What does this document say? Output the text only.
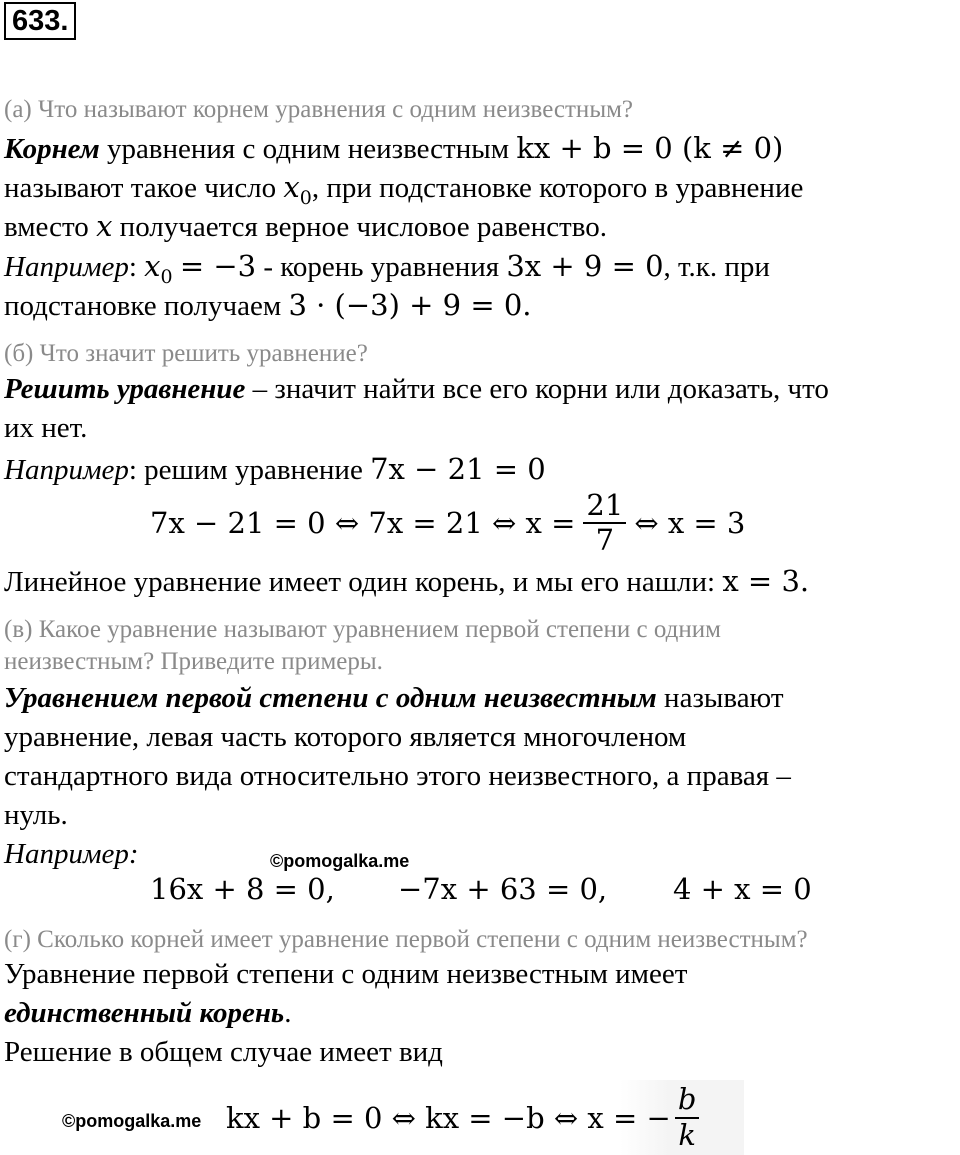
633.
(а) Что называют корнем уравнения с одним неизвестным?
Корнем уравнения с одним неизвестным kx + b = 0 (k ≠ 0)
называют такое число $x_0$, при подстановке которого в уравнение
вместо x получается верное числовое равенство.
Например: $x_0 = -3$ - корень уравнения 3x + 9 = 0, т.к. при
подстановке получаем 3 · (−3) + 9 = 0.
(б) Что значит решить уравнение?
Решить уравнение – значит найти все его корни или доказать, что
их нет.
Например: решим уравнение 7x − 21 = 0
7x − 21 = 0 ⇔ 7x = 21 ⇔ $x = \frac{21}{7}$ ⇔ x = 3
Линейное уравнение имеет один корень, и мы его нашли: x = 3.
(в) Какое уравнение называют уравнением первой степени с одним
неизвестным? Приведите примеры.
Уравнением первой степени с одним неизвестным называют
уравнение, левая часть которого является многочленом
стандартного вида относительно этого неизвестного, а правая –
нуль.
Например:	©pomogalka.me
16x + 8 = 0, −7x + 63 = 0, 4 + x = 0
(г) Сколько корней имеет уравнение первой степени с одним неизвестным?
Уравнение первой степени с одним неизвестным имеет
единственный корень.
Решение в общем случае имеет вид
©pomogalka.me kx + b = 0 ⇔ kx = −b ⇔ x = − $\frac{b}{k}$
